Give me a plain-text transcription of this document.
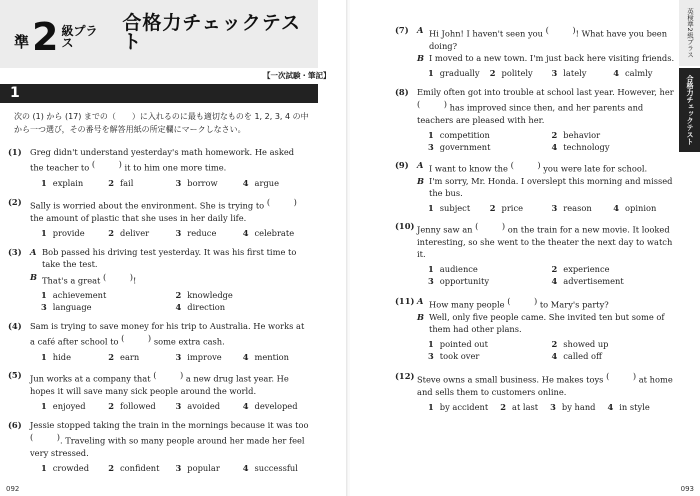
準 2 級プラス
合格力チェックテスト
【一次試験・筆記】
1
次の (1) から (17) までの（　　）に入れるのに最も適切なものを 1, 2, 3, 4 の中から一つ選び，その番号を解答用紙の所定欄にマークしなさい。
(1) Greg didn't understand yesterday's math homework. He asked the teacher to ( )	it to him one more time.
1 explain	2 fail	3 borrow	4 argue
(2) Sally is worried about the environment. She is trying to ( ) the amount of plastic that she uses in her daily life.
1 provide	2 deliver	3 reduce	4 celebrate
(3) A Bob passed his driving test yesterday. It was his first time to take the test.
B That's a great ( )	!
1 achievement	2 knowledge
3 language	4 direction
(4) Sam is trying to save money for his trip to Australia. He works at a café after school to ( )	some extra cash.
1 hide	2 earn	3 improve	4 mention
(5) Jun works at a company that ( )	a new drug last year. He hopes it will save many sick people around the world.
1 enjoyed	2 followed	3 avoided	4 developed
(6) Jessie stopped taking the train in the mornings because it was too ( ). Traveling with so many people around her made her feel very stressed.
1 crowded	2 confident	3 popular	4 successful
092
(7) A Hi John! I haven't seen you ( )	! What have you been doing?
B I moved to a new town. I'm just back here visiting friends.
1 gradually	2 politely	3 lately	4 calmly
(8) Emily often got into trouble at school last year. However, her ( ) has improved since then, and her parents and teachers are pleased with her.
1 competition	2 behavior
3 government	4 technology
(9) A I want to know the ( )	you were late for school.
B I'm sorry, Mr. Honda. I overslept this morning and missed the bus.
1 subject	2 price	3 reason	4 opinion
(10) Jenny saw an ( )	on the train for a new movie. It looked interesting, so she went to the theater the next day to watch it.
1 audience	2 experience
3 opportunity	4 advertisement
(11) A How many people ( )	to Mary's party?
B Well, only five people came. She invited ten but some of them had other plans.
1 pointed out	2 showed up
3 took over	4 called off
(12) Steve owns a small business. He makes toys ( )	at home and sells them to customers online.
1 by accident 2 at last 3 by hand 4 in style
093
英検準2級プラス
合格力チェックテスト
